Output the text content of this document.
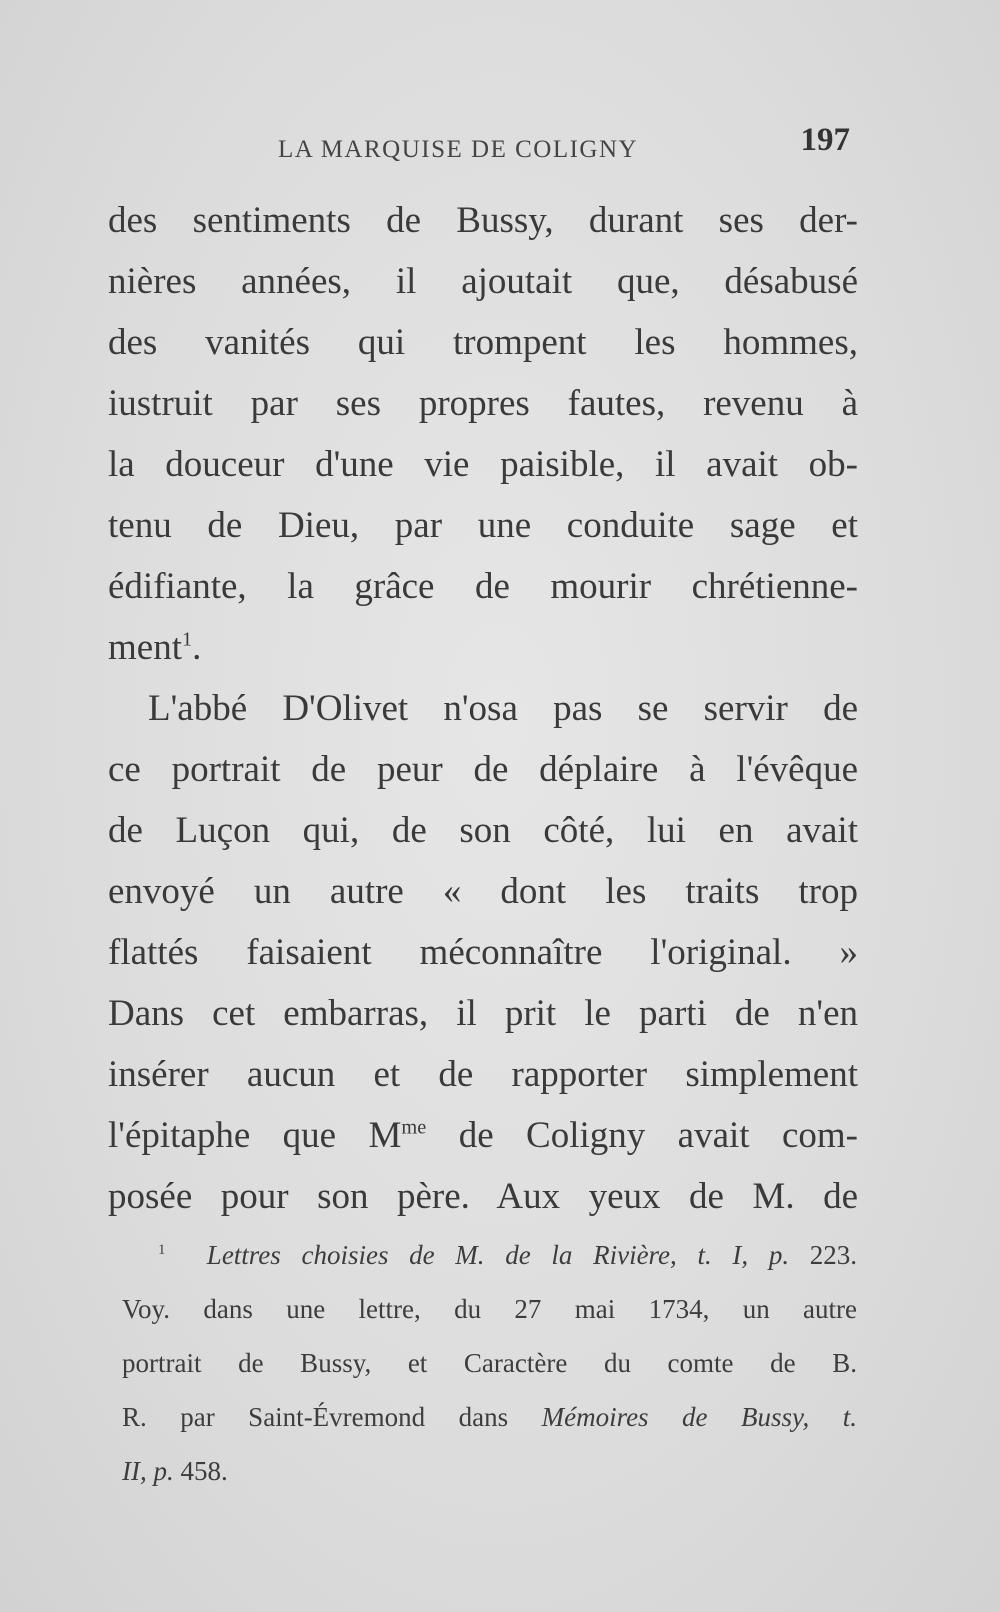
LA MARQUISE DE COLIGNY	197
des sentiments de Bussy, durant ses der-
nières années, il ajoutait que, désabusé
des vanités qui trompent les hommes,
iustruit par ses propres fautes, revenu à
la douceur d'une vie paisible, il avait ob-
tenu de Dieu, par une conduite sage et
édifiante, la grâce de mourir chrétienne-
ment$^1$.
L'abbé D'Olivet n'osa pas se servir de
ce portrait de peur de déplaire à l'évêque
de Luçon qui, de son côté, lui en avait
envoyé un autre « dont les traits trop
flattés faisaient méconnaître l'original. »
Dans cet embarras, il prit le parti de n'en
insérer aucun et de rapporter simplement
l'épitaphe que $M^{me}$ de Coligny avait com-
posée pour son père. Aux yeux de M. de
$^1$ Lettres choisies de M. de la Rivière, t. I, p. 223.
Voy. dans une lettre, du 27 mai 1734, un autre
portrait de Bussy, et Caractère du comte de B.
R. par Saint-Évremond dans Mémoires de Bussy, t.
II, p. 458.
